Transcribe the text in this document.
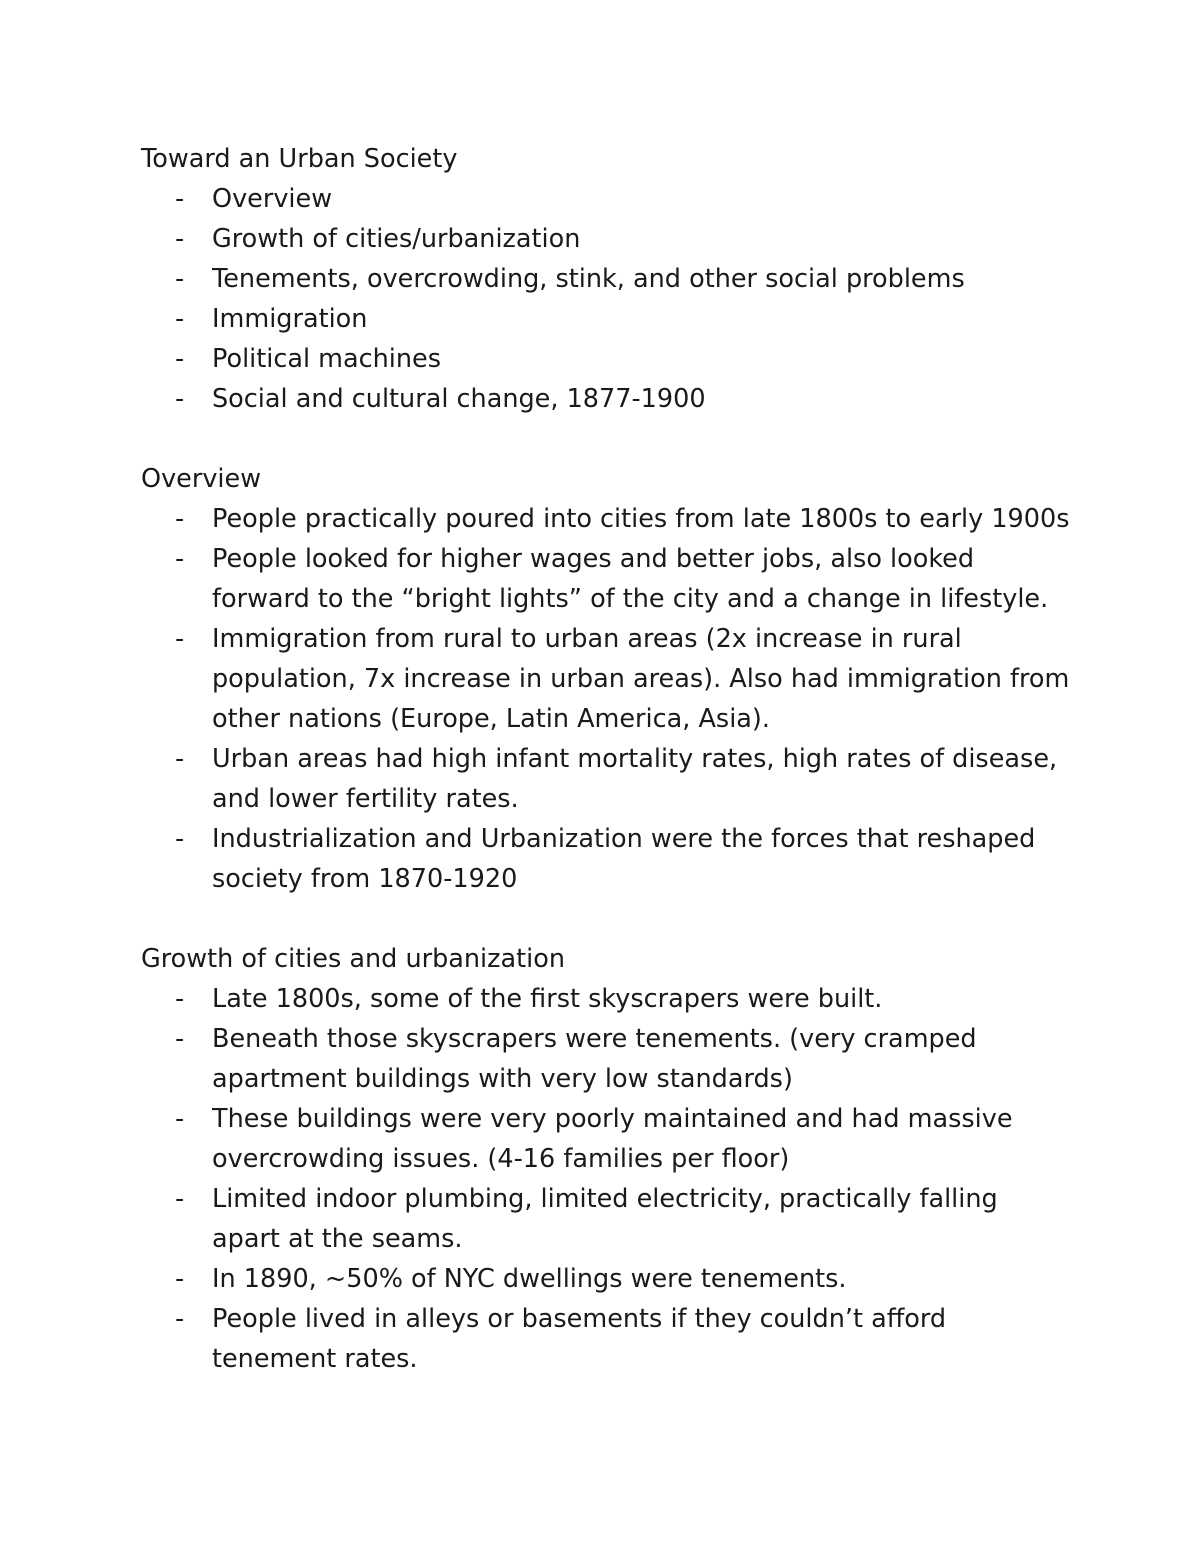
Toward an Urban Society
- Overview
- Growth of cities/urbanization
- Tenements, overcrowding, stink, and other social problems
- Immigration
- Political machines
- Social and cultural change, 1877-1900
Overview
- People practically poured into cities from late 1800s to early 1900s
- People looked for higher wages and better jobs, also looked forward to the “bright lights” of the city and a change in lifestyle.
- Immigration from rural to urban areas (2x increase in rural population, 7x increase in urban areas). Also had immigration from other nations (Europe, Latin America, Asia).
- Urban areas had high infant mortality rates, high rates of disease, and lower fertility rates.
- Industrialization and Urbanization were the forces that reshaped society from 1870-1920
Growth of cities and urbanization
- Late 1800s, some of the first skyscrapers were built.
- Beneath those skyscrapers were tenements. (very cramped apartment buildings with very low standards)
- These buildings were very poorly maintained and had massive overcrowding issues. (4-16 families per floor)
- Limited indoor plumbing, limited electricity, practically falling apart at the seams.
- In 1890, ~50% of NYC dwellings were tenements.
- People lived in alleys or basements if they couldn’t afford tenement rates.
